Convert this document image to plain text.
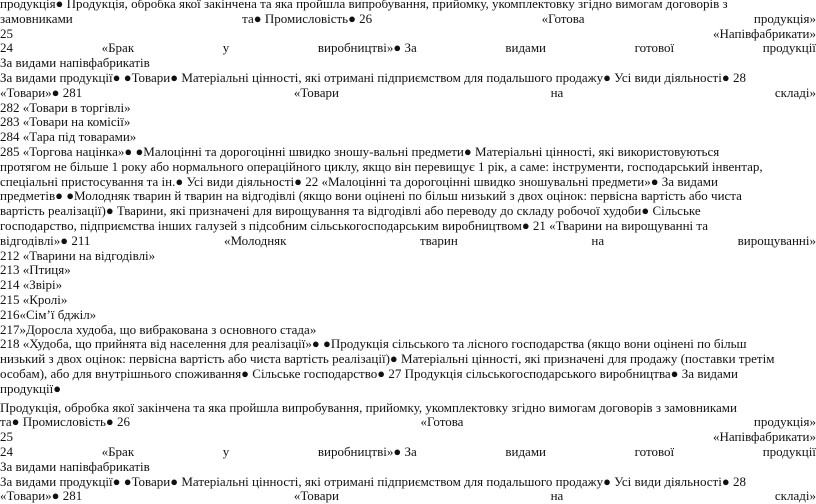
продукція● Продукція, обробка якої закінчена та яка пройшла випробування, прийомку, укомплектовку згідно вимогам договорів з
замовниками	та● Промисловість● 26	«Готова	продукція»
25	«Напівфабрикати»
24	«Брак	у	виробництві»● За	видами	готової	продукції
За видами напівфабрикатів
За видами продукції● ●Товари● Матеріальні цінності, які отримані підприємством для подальшого продажу● Усі види діяльності● 28
«Товари»● 281	«Товари	на	складі»
282 «Товари в торгівлі»
283 «Товари на комісії»
284 «Тара під товарами»
285 «Торгова націнка»● ●Малоцінні та дорогоцінні швидко зношу-вальні предмети● Матеріальні цінності, які використовуються
протягом не більше 1 року або нормального операційного циклу, якщо він перевищує 1 рік, а саме: інструменти, господарський інвентар,
спеціальні пристосування та ін.● Усі види діяльності● 22 «Малоцінні та дорогоцінні швидко зношувальні предмети»● За видами
предметів● ●Молодняк тварин й тварин на відгодівлі (якщо вони оцінені по більш низький з двох оцінок: первісна вартість або чиста
вартість реалізації)● Тварини, які призначені для вирощування та відгодівлі або переводу до складу робочої худоби● Сільське
господарство, підприємства інших галузей з підсобним сільськогосподарським виробництвом● 21 «Тварини на вирощуванні та
відгодівлі»● 211	«Молодняк	тварин	на	вирощуванні»
212 «Тварини на відгодівлі»
213 «Птиця»
214 «Звірі»
215 «Кролі»
216«Сім’ї бджіл»
217»Доросла худоба, що вибракована з основного стада»
218 «Худоба, що прийнята від населення для реалізації»● ●Продукція сільського та лісного господарства (якщо вони оцінені по більш
низький з двох оцінок: первісна вартість або чиста вартість реалізації)● Матеріальні цінності, які призначені для продажу (поставки третім
особам), або для внутрішнього споживання● Сільське господарство● 27 Продукція сільськогосподарського виробництва● За видами
продукції●
Продукція, обробка якої закінчена та яка пройшла випробування, прийомку, укомплектовку згідно вимогам договорів з замовниками
та● Промисловість● 26	«Готова	продукція»
25	«Напівфабрикати»
24	«Брак	у	виробництві»● За	видами	готової	продукції
За видами напівфабрикатів
За видами продукції● ●Товари● Матеріальні цінності, які отримані підприємством для подальшого продажу● Усі види діяльності● 28
«Товари»● 281	«Товари	на	складі»
